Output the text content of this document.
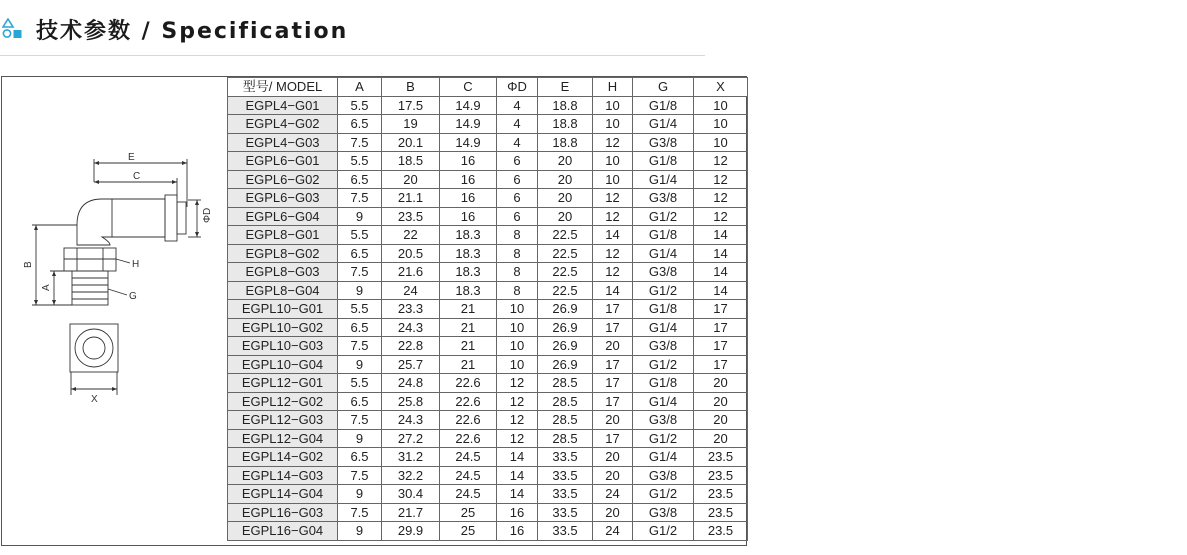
技术参数 / Specification
E
C
ΦD
B
A
H
G
X
型号/ MODEL	A	B	C	ΦD	E	H	G	X
EGPL4−G01	5.5	17.5	14.9	4	18.8	10	G1/8	10
EGPL4−G02	6.5	19	14.9	4	18.8	10	G1/4	10
EGPL4−G03	7.5	20.1	14.9	4	18.8	12	G3/8	10
EGPL6−G01	5.5	18.5	16	6	20	10	G1/8	12
EGPL6−G02	6.5	20	16	6	20	10	G1/4	12
EGPL6−G03	7.5	21.1	16	6	20	12	G3/8	12
EGPL6−G04	9	23.5	16	6	20	12	G1/2	12
EGPL8−G01	5.5	22	18.3	8	22.5	14	G1/8	14
EGPL8−G02	6.5	20.5	18.3	8	22.5	12	G1/4	14
EGPL8−G03	7.5	21.6	18.3	8	22.5	12	G3/8	14
EGPL8−G04	9	24	18.3	8	22.5	14	G1/2	14
EGPL10−G01	5.5	23.3	21	10	26.9	17	G1/8	17
EGPL10−G02	6.5	24.3	21	10	26.9	17	G1/4	17
EGPL10−G03	7.5	22.8	21	10	26.9	20	G3/8	17
EGPL10−G04	9	25.7	21	10	26.9	17	G1/2	17
EGPL12−G01	5.5	24.8	22.6	12	28.5	17	G1/8	20
EGPL12−G02	6.5	25.8	22.6	12	28.5	17	G1/4	20
EGPL12−G03	7.5	24.3	22.6	12	28.5	20	G3/8	20
EGPL12−G04	9	27.2	22.6	12	28.5	17	G1/2	20
EGPL14−G02	6.5	31.2	24.5	14	33.5	20	G1/4	23.5
EGPL14−G03	7.5	32.2	24.5	14	33.5	20	G3/8	23.5
EGPL14−G04	9	30.4	24.5	14	33.5	24	G1/2	23.5
EGPL16−G03	7.5	21.7	25	16	33.5	20	G3/8	23.5
EGPL16−G04	9	29.9	25	16	33.5	24	G1/2	23.5
